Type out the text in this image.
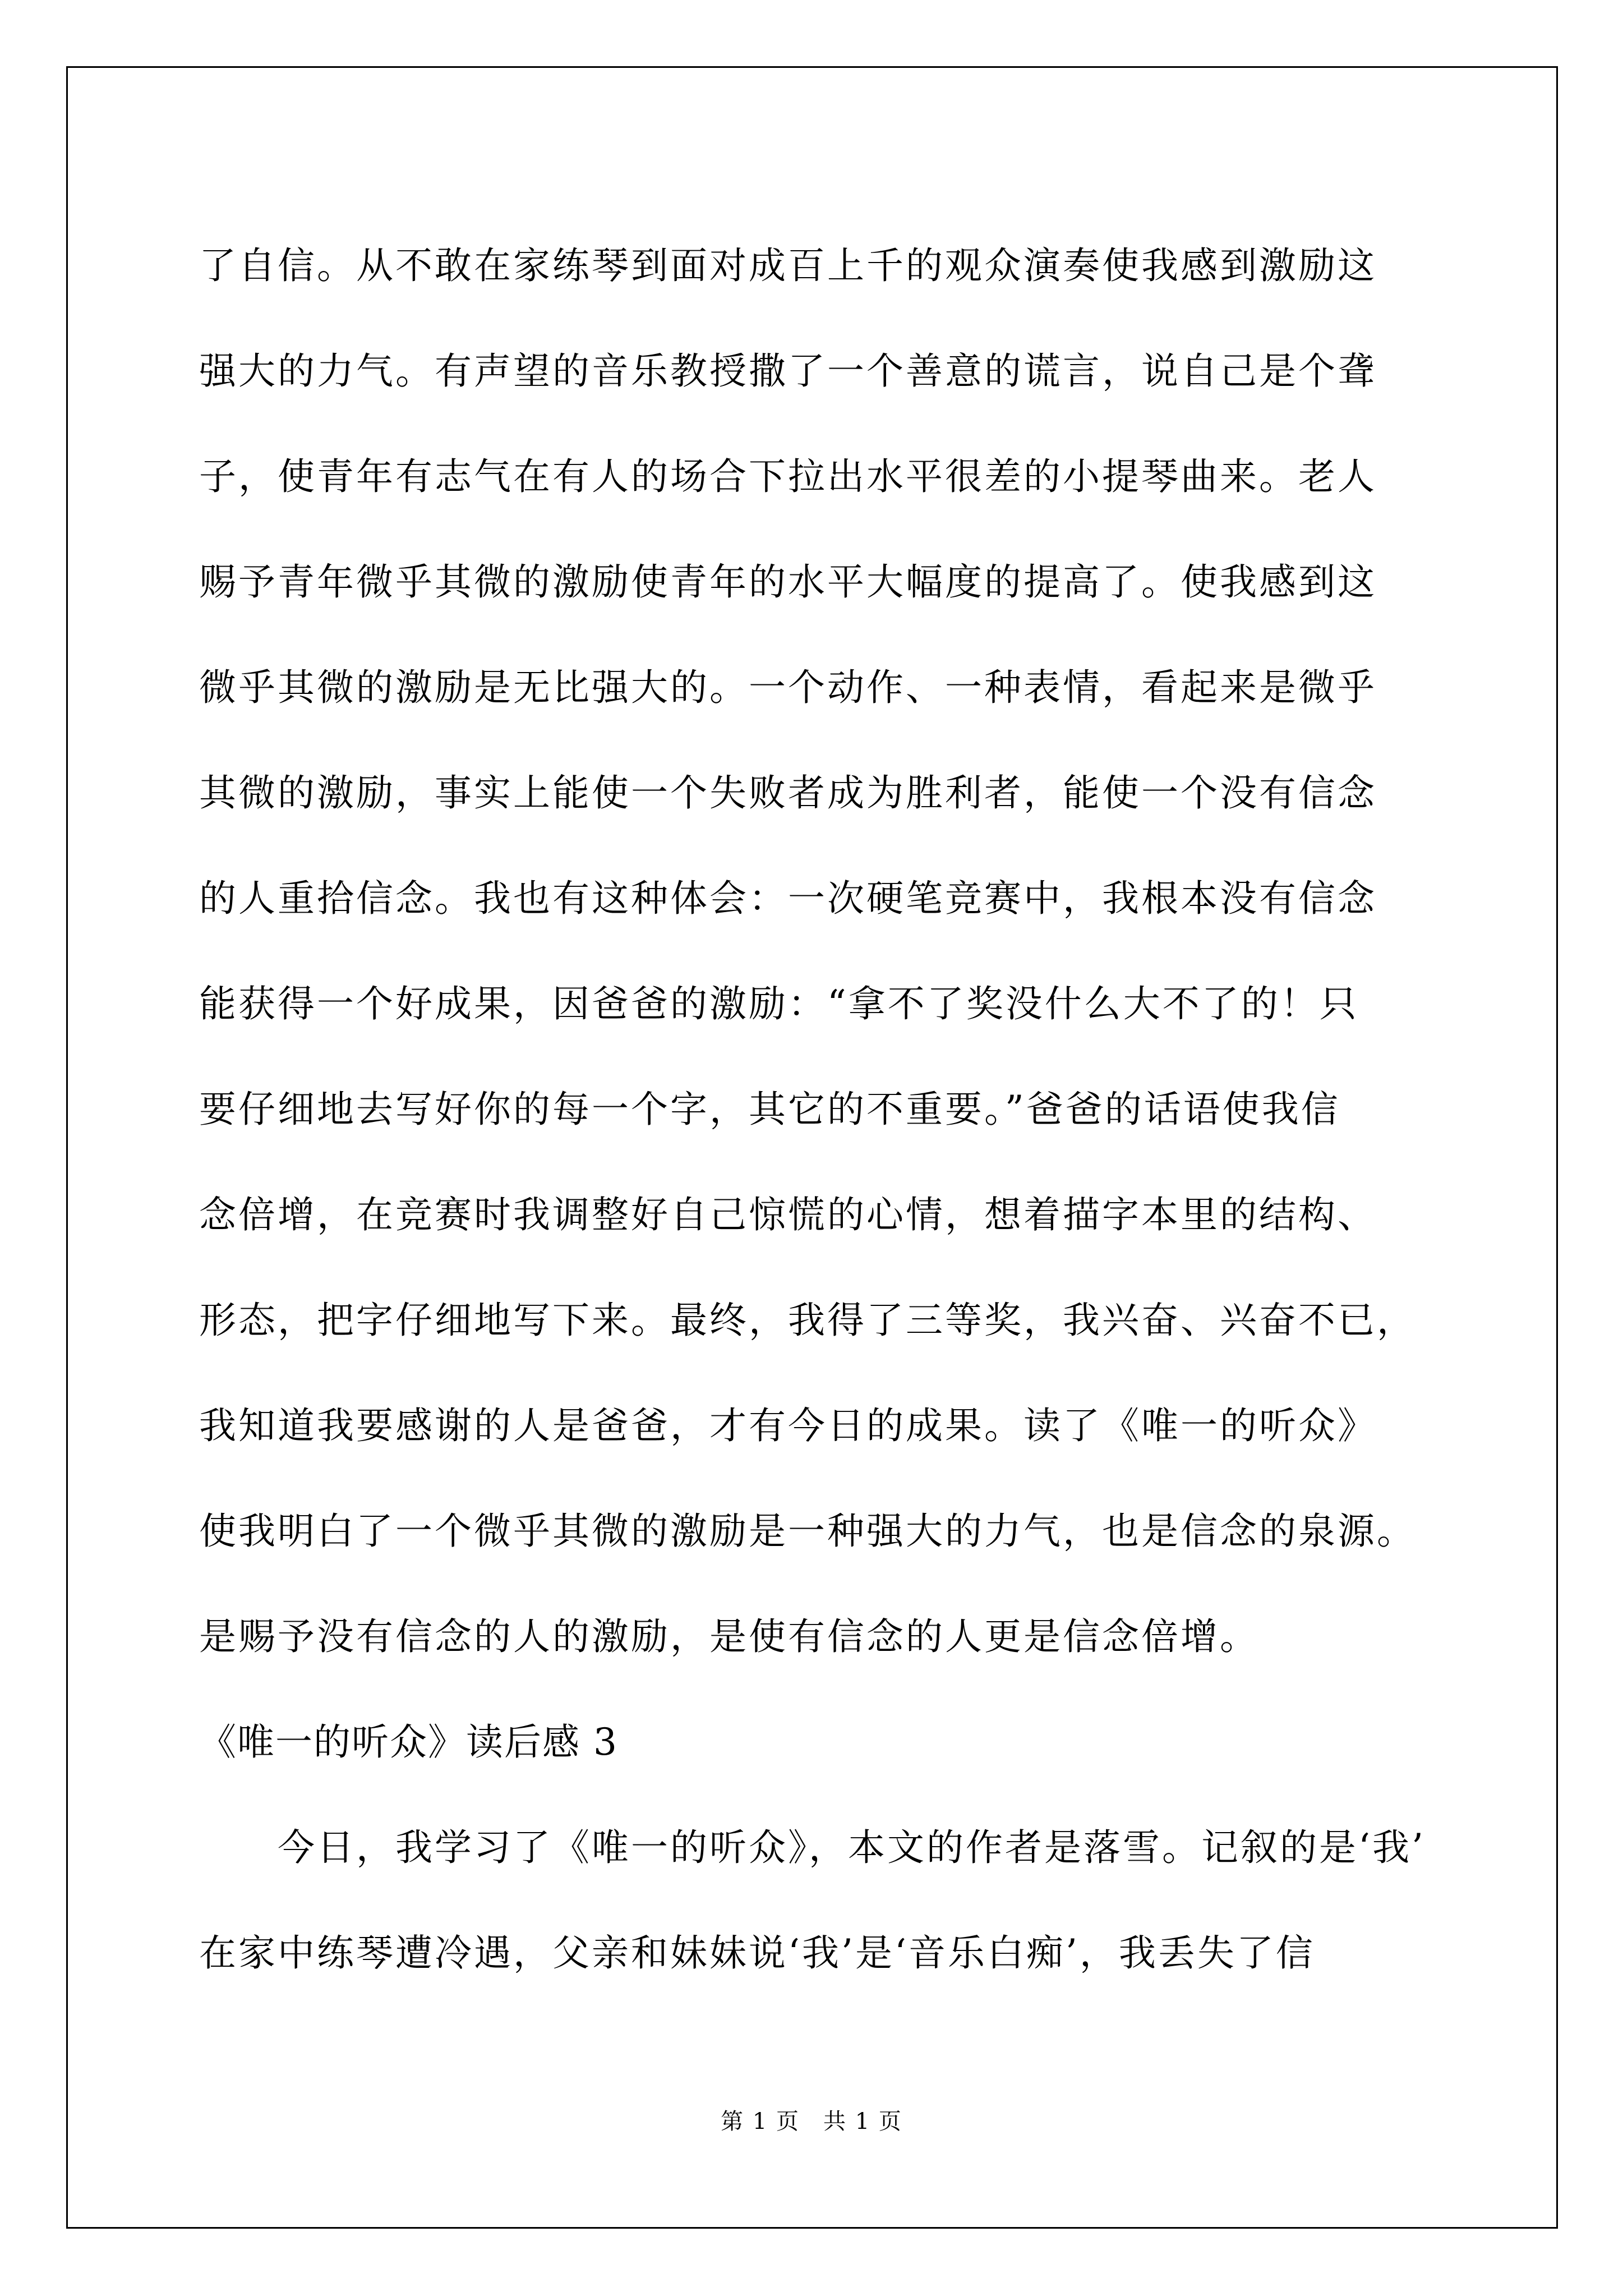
了自信。从不敢在家练琴到面对成百上千的观众演奏使我感到激励这
强大的力气。有声望的音乐教授撒了一个善意的谎言，说自己是个聋
子，使青年有志气在有人的场合下拉出水平很差的小提琴曲来。老人
赐予青年微乎其微的激励使青年的水平大幅度的提高了。使我感到这
微乎其微的激励是无比强大的。一个动作、一种表情，看起来是微乎
其微的激励，事实上能使一个失败者成为胜利者，能使一个没有信念
的人重拾信念。我也有这种体会：一次硬笔竞赛中，我根本没有信念
能获得一个好成果，因爸爸的激励：“拿不了奖没什么大不了的！只
要仔细地去写好你的每一个字，其它的不重要。”爸爸的话语使我信
念倍增，在竞赛时我调整好自己惊慌的心情，想着描字本里的结构、
形态，把字仔细地写下来。最终，我得了三等奖，我兴奋、兴奋不已，
我知道我要感谢的人是爸爸，才有今日的成果。读了《唯一的听众》
使我明白了一个微乎其微的激励是一种强大的力气，也是信念的泉源。
是赐予没有信念的人的激励，是使有信念的人更是信念倍增。
《唯一的听众》读后感 3
今日，我学习了《唯一的听众》，本文的作者是落雪。记叙的是‘我’
在家中练琴遭冷遇，父亲和妹妹说‘我’是‘音乐白痴’，我丢失了信
第 1 页　共 1 页
